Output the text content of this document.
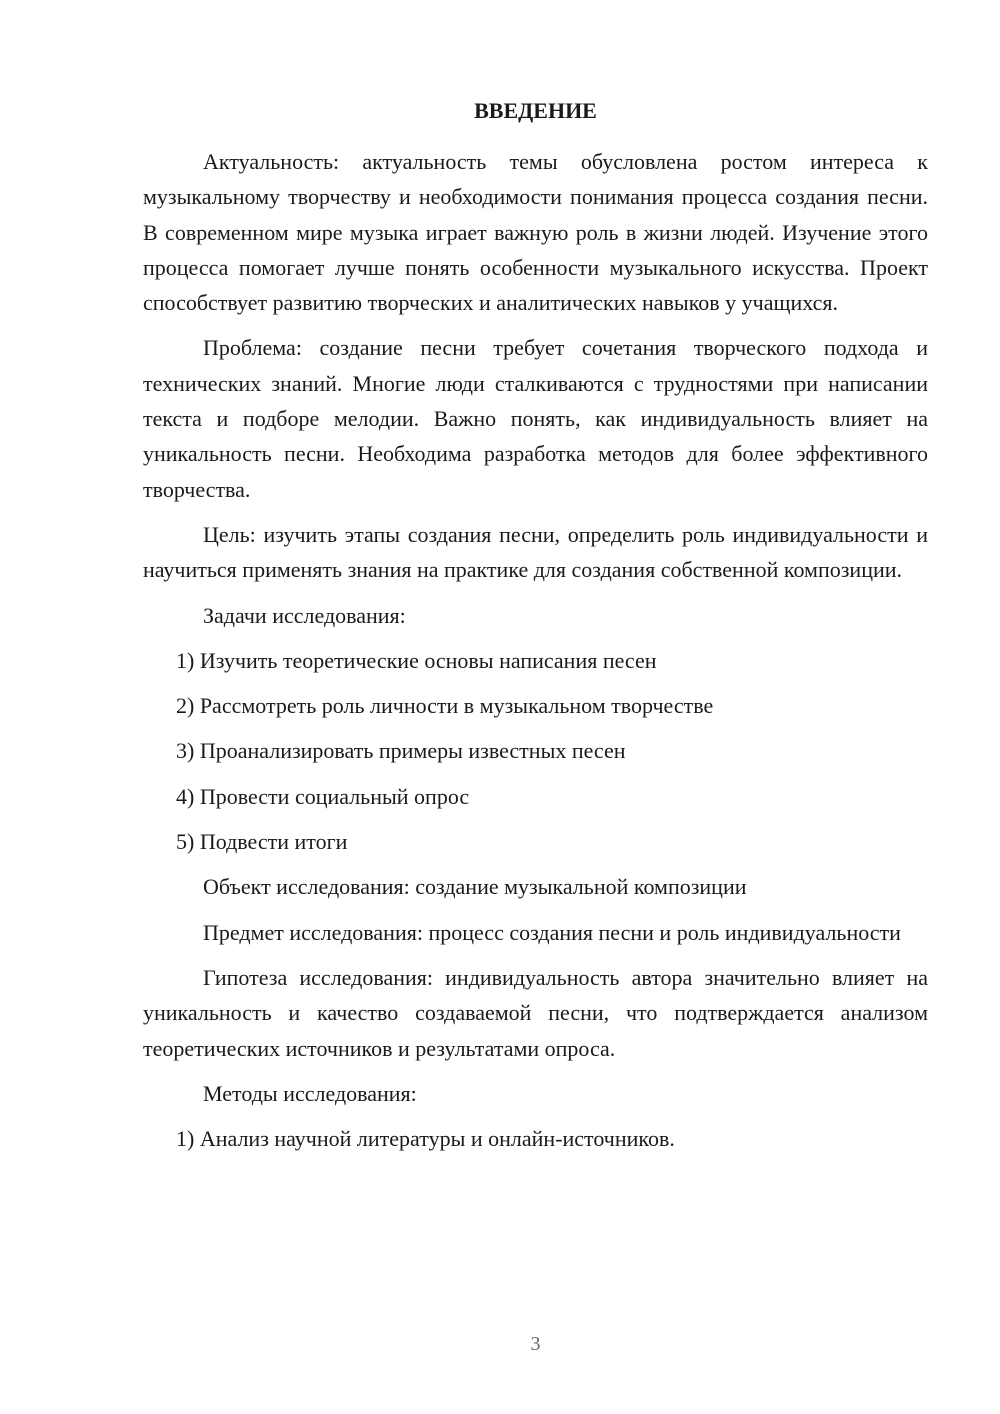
ВВЕДЕНИЕ

Актуальность: актуальность темы обусловлена ростом интереса к музыкальному творчеству и необходимости понимания процесса создания песни. В современном мире музыка играет важную роль в жизни людей. Изучение этого процесса помогает лучше понять особенности музыкального искусства. Проект способствует развитию творческих и аналитических навыков у учащихся.

Проблема: создание песни требует сочетания творческого подхода и технических знаний. Многие люди сталкиваются с трудностями при написании текста и подборе мелодии. Важно понять, как индивидуальность влияет на уникальность песни. Необходима разработка методов для более эффективного творчества.

Цель: изучить этапы создания песни, определить роль индивидуальности и научиться применять знания на практике для создания собственной композиции.

Задачи исследования:

1) Изучить теоретические основы написания песен

2) Рассмотреть роль личности в музыкальном творчестве

3) Проанализировать примеры известных песен

4) Провести социальный опрос

5) Подвести итоги

Объект исследования: создание музыкальной композиции

Предмет исследования: процесс создания песни и роль индивидуальности

Гипотеза исследования: индивидуальность автора значительно влияет на уникальность и качество создаваемой песни, что подтверждается анализом теоретических источников и результатами опроса.

Методы исследования:

1) Анализ научной литературы и онлайн-источников.

3
